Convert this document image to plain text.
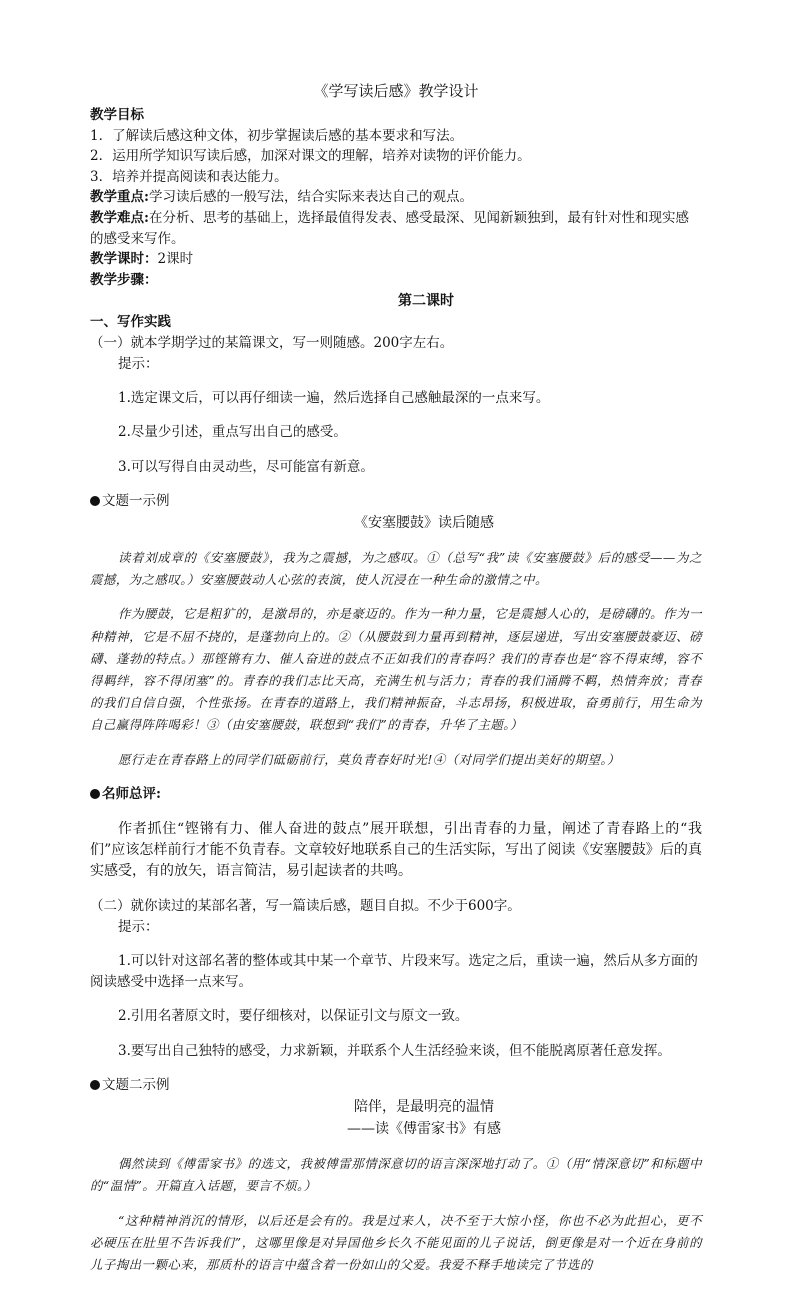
《学写读后感》教学设计

教学目标

1．了解读后感这种文体，初步掌握读后感的基本要求和写法。

2．运用所学知识写读后感，加深对课文的理解，培养对读物的评价能力。

3．培养并提高阅读和表达能力。

教学重点:学习读后感的一般写法，结合实际来表达自己的观点。

教学难点:在分析、思考的基础上，选择最值得发表、感受最深、见闻新颖独到，最有针对性和现实感的感受来写作。

教学课时：2课时

教学步骤：

第二课时

一、写作实践

（一）就本学期学过的某篇课文，写一则随感。200字左右。

提示：

1.选定课文后，可以再仔细读一遍，然后选择自己感触最深的一点来写。

2.尽量少引述，重点写出自己的感受。

3.可以写得自由灵动些，尽可能富有新意。

文题一示例
《安塞腰鼓》读后随感

读着刘成章的《安塞腰鼓》，我为之震撼，为之感叹。①（总写“我”读《安塞腰鼓》后的感受——为之震撼，为之感叹。）安塞腰鼓动人心弦的表演，使人沉浸在一种生命的激情之中。

作为腰鼓，它是粗犷的，是激昂的，亦是豪迈的。作为一种力量，它是震撼人心的，是磅礴的。作为一种精神，它是不屈不挠的，是蓬勃向上的。②（从腰鼓到力量再到精神，逐层递进，写出安塞腰鼓豪迈、磅礴、蓬勃的特点。）那铿锵有力、催人奋进的鼓点不正如我们的青春吗？我们的青春也是“容不得束缚，容不得羁绊，容不得闭塞”的。青春的我们志比天高，充满生机与活力；青春的我们涌腾不羁，热情奔放；青春的我们自信自强，个性张扬。在青春的道路上，我们精神振奋，斗志昂扬，积极进取，奋勇前行，用生命为自己赢得阵阵喝彩！③（由安塞腰鼓，联想到“我们”的青春，升华了主题。）

愿行走在青春路上的同学们砥砺前行，莫负青春好时光!④（对同学们提出美好的期望。）

名师总评:

作者抓住“铿锵有力、催人奋进的鼓点”展开联想，引出青春的力量，阐述了青春路上的“我们”应该怎样前行才能不负青春。文章较好地联系自己的生活实际，写出了阅读《安塞腰鼓》后的真实感受，有的放矢，语言简洁，易引起读者的共鸣。

（二）就你读过的某部名著，写一篇读后感，题目自拟。不少于600字。

提示：

1.可以针对这部名著的整体或其中某一个章节、片段来写。选定之后，重读一遍，然后从多方面的阅读感受中选择一点来写。

2.引用名著原文时，要仔细核对，以保证引文与原文一致。

3.要写出自己独特的感受，力求新颖，并联系个人生活经验来谈，但不能脱离原著任意发挥。

文题二示例
陪伴，是最明亮的温情
——读《傅雷家书》有感

偶然读到《傅雷家书》的选文，我被傅雷那情深意切的语言深深地打动了。①（用“情深意切”和标题中的“温情”。开篇直入话题，要言不烦。）

“这种精神消沉的情形，以后还是会有的。我是过来人，决不至于大惊小怪，你也不必为此担心，更不必硬压在肚里不告诉我们”，这哪里像是对异国他乡长久不能见面的儿子说话，倒更像是对一个近在身前的儿子掏出一颗心来，那质朴的语言中蕴含着一份如山的父爱。我爱不释手地读完了节选的
